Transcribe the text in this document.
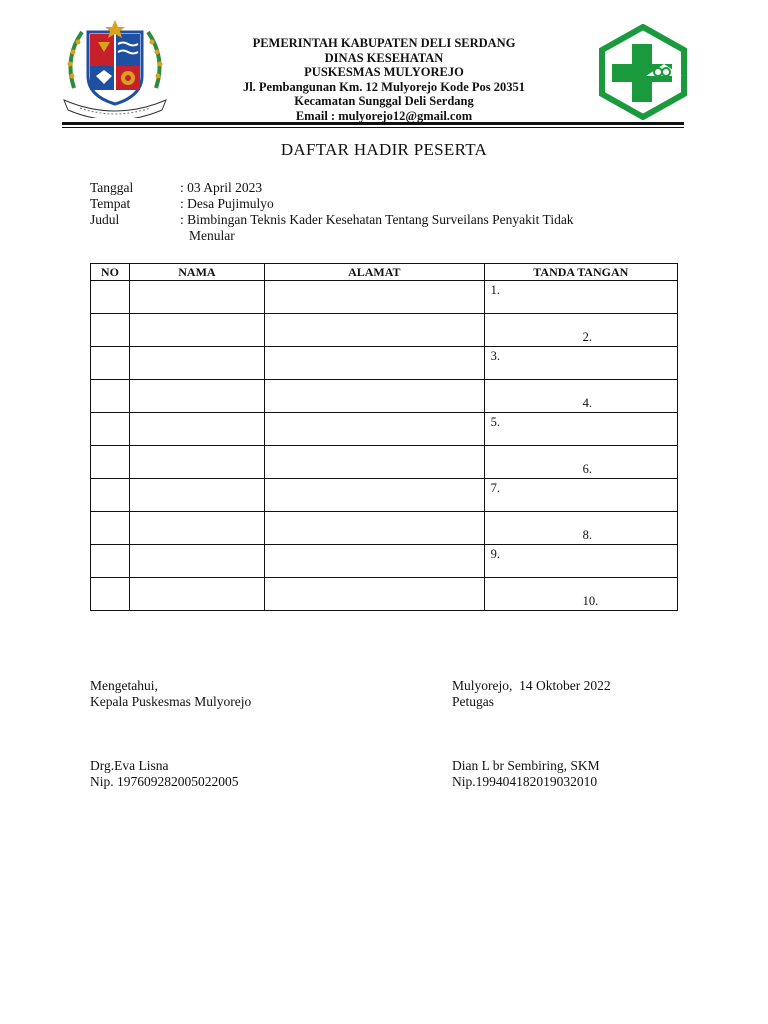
PEMERINTAH KABUPATEN DELI SERDANG
DINAS KESEHATAN
PUSKESMAS MULYOREJO
Jl. Pembangunan Km. 12 Mulyorejo Kode Pos 20351
Kecamatan Sunggal Deli Serdang
Email : mulyorejo12@gmail.com
DAFTAR HADIR PESERTA
Tanggal	: 03 April 2023
Tempat	: Desa Pujimulyo
Judul	: Bimbingan Teknis Kader Kesehatan Tentang Surveilans Penyakit Tidak
Menular
NO	NAMA	ALAMAT	TANDA TANGAN

			1.

			2.

			3.

			4.

			5.

			6.

			7.

			8.

			9.

			10.
Mengetahui,
Kepala Puskesmas Mulyorejo
Drg.Eva Lisna
Nip. 197609282005022005
Mulyorejo,  14 Oktober 2022
Petugas
Dian L br Sembiring, SKM
Nip.199404182019032010
